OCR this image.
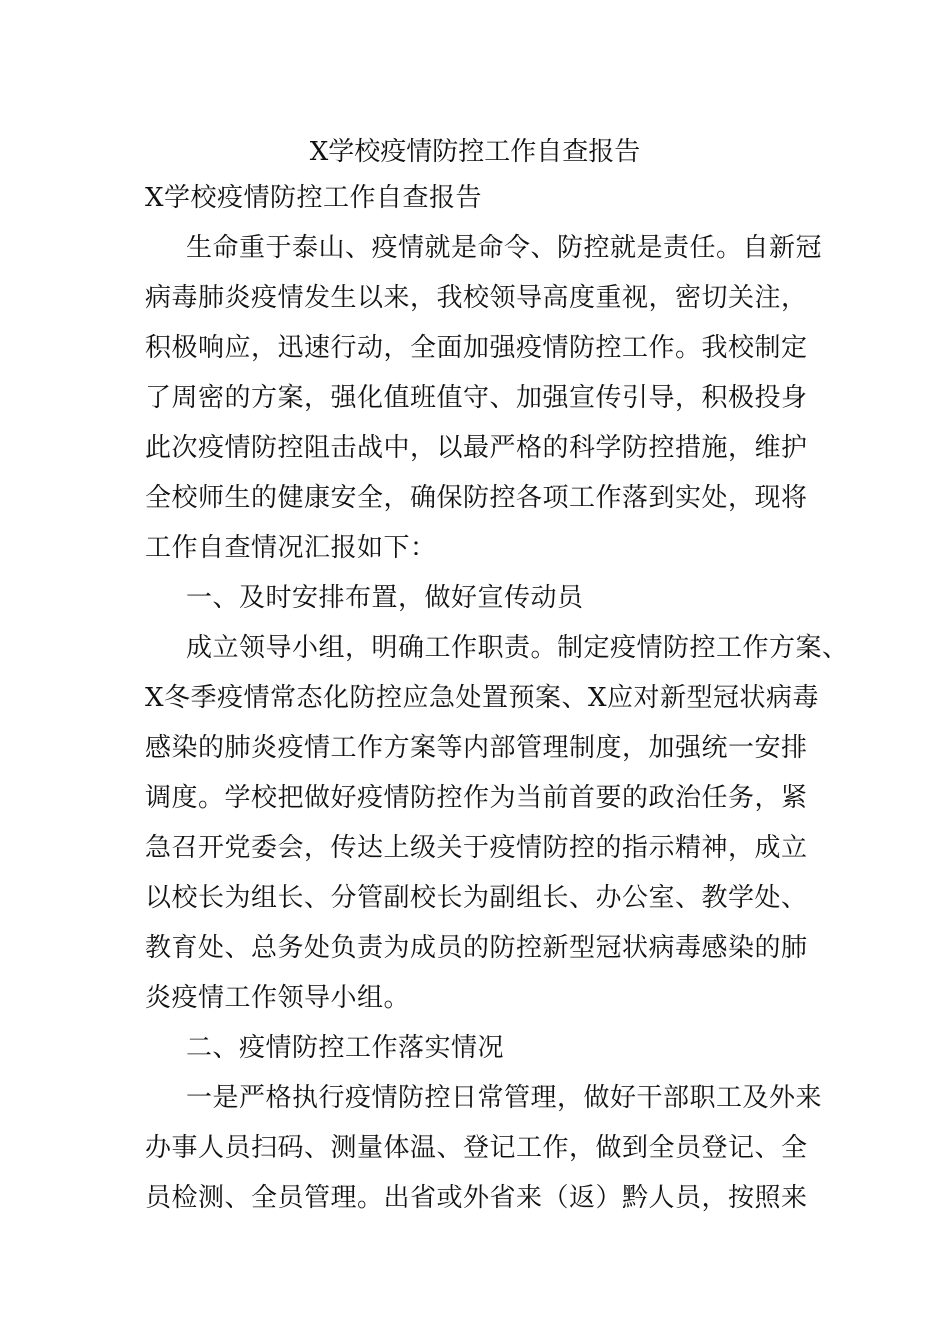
X学校疫情防控工作自查报告
X学校疫情防控工作自查报告
生命重于泰山、疫情就是命令、防控就是责任。自新冠
病毒肺炎疫情发生以来，我校领导高度重视，密切关注，
积极响应，迅速行动，全面加强疫情防控工作。我校制定
了周密的方案，强化值班值守、加强宣传引导，积极投身
此次疫情防控阻击战中，以最严格的科学防控措施，维护
全校师生的健康安全，确保防控各项工作落到实处，现将
工作自查情况汇报如下：
一、及时安排布置，做好宣传动员
成立领导小组，明确工作职责。制定疫情防控工作方案、
X冬季疫情常态化防控应急处置预案、X应对新型冠状病毒
感染的肺炎疫情工作方案等内部管理制度，加强统一安排
调度。学校把做好疫情防控作为当前首要的政治任务，紧
急召开党委会，传达上级关于疫情防控的指示精神，成立
以校长为组长、分管副校长为副组长、办公室、教学处、
教育处、总务处负责为成员的防控新型冠状病毒感染的肺
炎疫情工作领导小组。
二、疫情防控工作落实情况
一是严格执行疫情防控日常管理，做好干部职工及外来
办事人员扫码、测量体温、登记工作，做到全员登记、全
员检测、全员管理。出省或外省来（返）黔人员，按照来
